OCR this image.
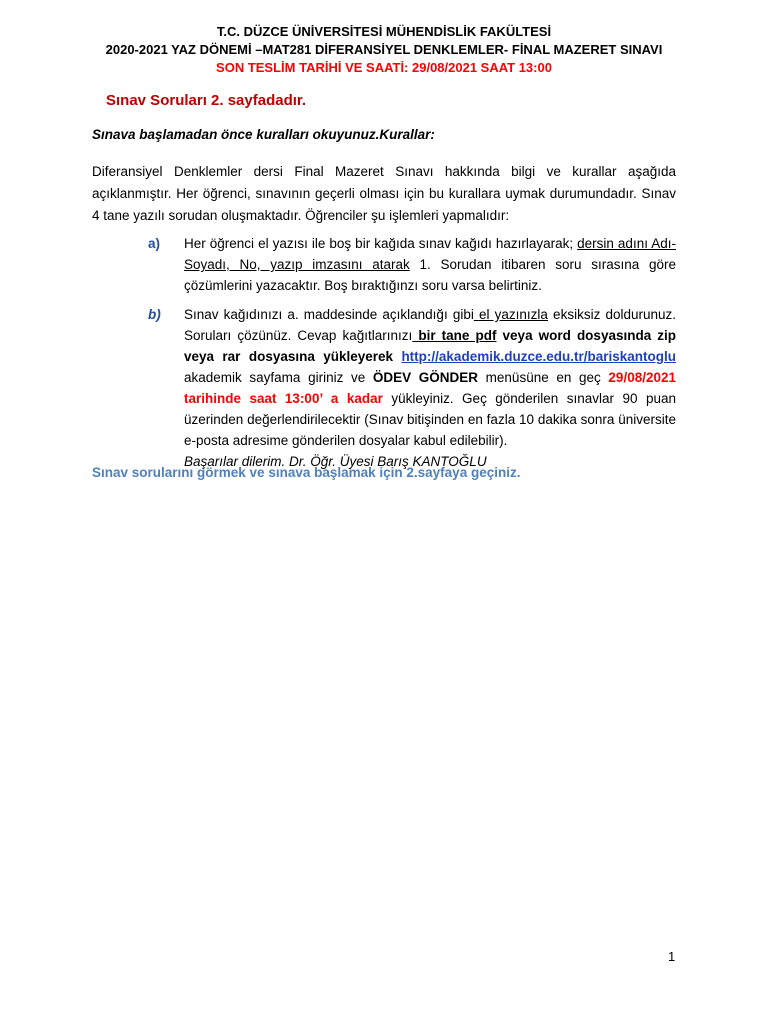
T.C. DÜZCE ÜNİVERSİTESİ MÜHENDİSLİK FAKÜLTESİ
2020-2021 YAZ DÖNEMİ –MAT281 DİFERANSİYEL DENKLEMLER- FİNAL MAZERET SINAVI
SON TESLİM TARİHİ VE SAATİ: 29/08/2021 SAAT 13:00
Sınav Soruları 2. sayfadadır.
Sınava başlamadan önce kuralları okuyunuz.Kurallar:
Diferansiyel Denklemler dersi Final Mazeret Sınavı hakkında bilgi ve kurallar aşağıda açıklanmıştır. Her öğrenci, sınavının geçerli olması için bu kurallara uymak durumundadır. Sınav 4 tane yazılı sorudan oluşmaktadır. Öğrenciler şu işlemleri yapmalıdır:
a) Her öğrenci el yazısı ile boş bir kağıda sınav kağıdı hazırlayarak; dersin adını Adı-Soyadı, No, yazıp imzasını atarak 1. Sorudan itibaren soru sırasına göre çözümlerini yazacaktır. Boş bıraktığınzı soru varsa belirtiniz.
b) Sınav kağıdınızı a. maddesinde açıklandığı gibi el yazınızla eksiksiz doldurunuz. Soruları çözünüz. Cevap kağıtlarınızı bir tane pdf veya word dosyasında zip veya rar dosyasına yükleyerek http://akademik.duzce.edu.tr/bariskantoglu akademik sayfama giriniz ve ÖDEV GÖNDER menüsüne en geç 29/08/2021 tarihinde saat 13:00’ a kadar yükleyiniz. Geç gönderilen sınavlar 90 puan üzerinden değerlendirilecektir (Sınav bitişinden en fazla 10 dakika sonra üniversite e-posta adresime gönderilen dosyalar kabul edilebilir).
Başarılar dilerim. Dr. Öğr. Üyesi Barış KANTOĞLU
Sınav sorularını görmek ve sınava başlamak için 2.sayfaya geçiniz.
1
